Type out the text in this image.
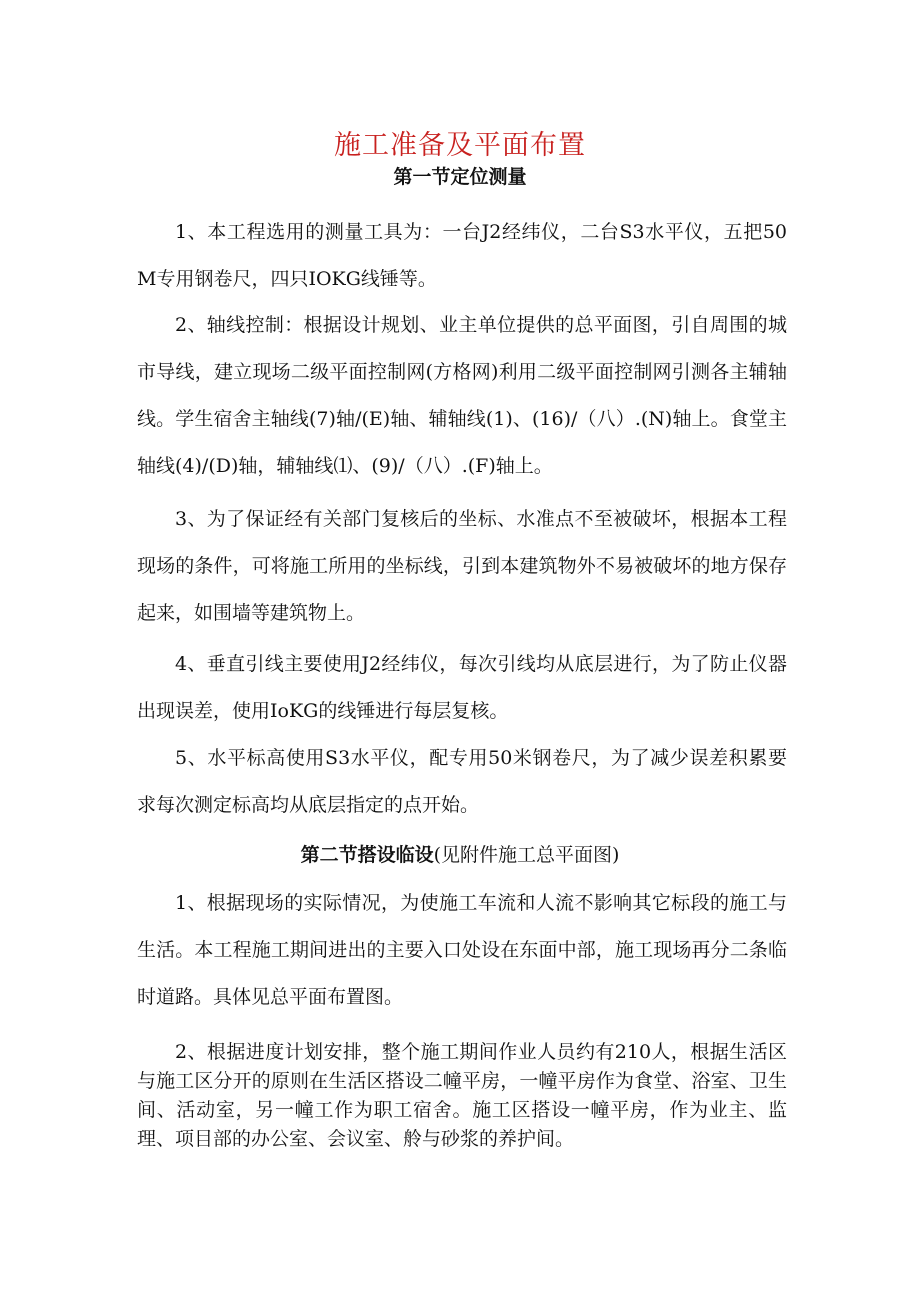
施工准备及平面布置
第一节定位测量

1、本工程选用的测量工具为：一台J2经纬仪，二台S3水平仪，五把50M专用钢卷尺，四只IOKG线锤等。

2、轴线控制：根据设计规划、业主单位提供的总平面图，引自周围的城市导线，建立现场二级平面控制网(方格网)利用二级平面控制网引测各主辅轴线。学生宿舍主轴线(7)轴/(E)轴、辅轴线(1)、(16)/（八）.(N)轴上。食堂主轴线(4)/(D)轴，辅轴线⑴、(9)/（八）.(F)轴上。

3、为了保证经有关部门复核后的坐标、水准点不至被破坏，根据本工程现场的条件，可将施工所用的坐标线，引到本建筑物外不易被破坏的地方保存起来，如围墙等建筑物上。

4、垂直引线主要使用J2经纬仪，每次引线均从底层进行，为了防止仪器出现误差，使用IoKG的线锤进行每层复核。

5、水平标高使用S3水平仪，配专用50米钢卷尺，为了减少误差积累要求每次测定标高均从底层指定的点开始。

第二节搭设临设(见附件施工总平面图)

1、根据现场的实际情况，为使施工车流和人流不影响其它标段的施工与生活。本工程施工期间进出的主要入口处设在东面中部，施工现场再分二条临时道路。具体见总平面布置图。

2、根据进度计划安排，整个施工期间作业人员约有210人，根据生活区与施工区分开的原则在生活区搭设二幢平房，一幢平房作为食堂、浴室、卫生间、活动室，另一幢工作为职工宿舍。施工区搭设一幢平房，作为业主、监理、项目部的办公室、会议室、舲与砂浆的养护间。
